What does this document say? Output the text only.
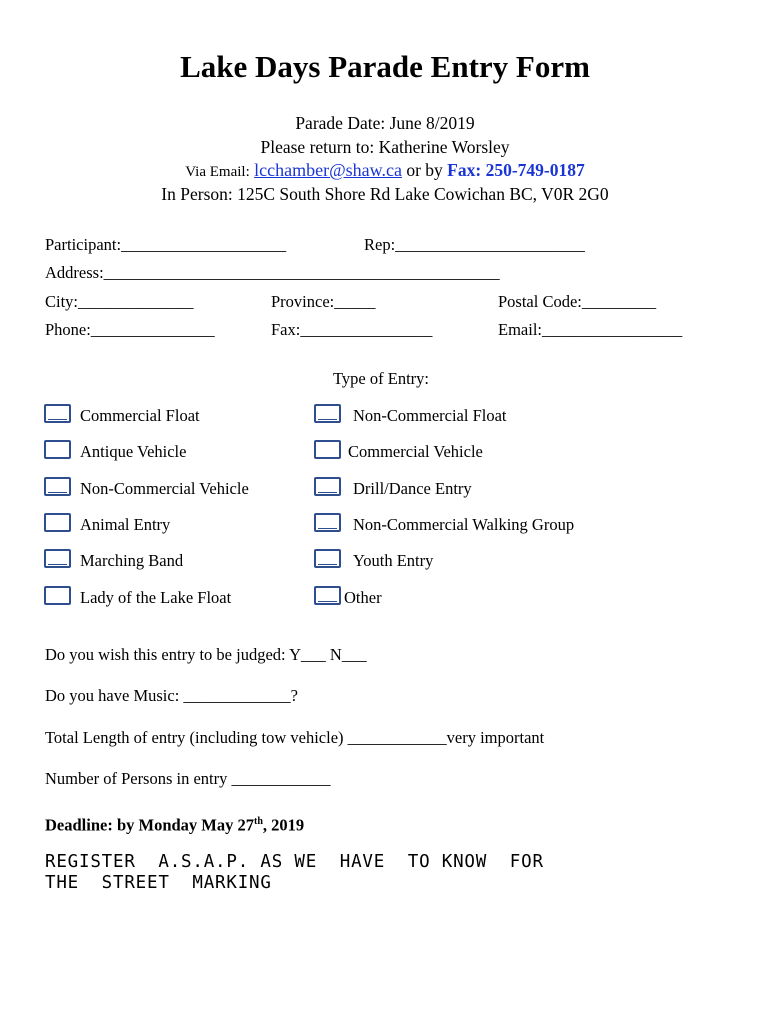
Lake Days Parade Entry Form
Parade Date: June 8/2019
Please return to: Katherine Worsley
Via Email: lcchamber@shaw.ca or by Fax: 250-749-0187
In Person: 125C South Shore Rd Lake Cowichan BC, V0R 2G0
Participant:____________________	Rep:_______________________
Address:________________________________________________
City:______________	Province:_____	Postal Code:_________
Phone:_______________	Fax:________________	Email:_________________
Type of Entry:
Commercial Float
Antique Vehicle
Non-Commercial Vehicle
Animal Entry
Marching Band
Lady of the Lake Float
Non-Commercial Float
Commercial Vehicle
Drill/Dance Entry
Non-Commercial Walking Group
Youth Entry
Other
Do you wish this entry to be judged: Y___ N___
Do you have Music: _____________?
Total Length of entry (including tow vehicle) ____________very important
Number of Persons in entry ____________
Deadline: by Monday May 27th, 2019
REGISTER  A.S.A.P. AS WE  HAVE  TO KNOW  FOR
THE  STREET  MARKING
